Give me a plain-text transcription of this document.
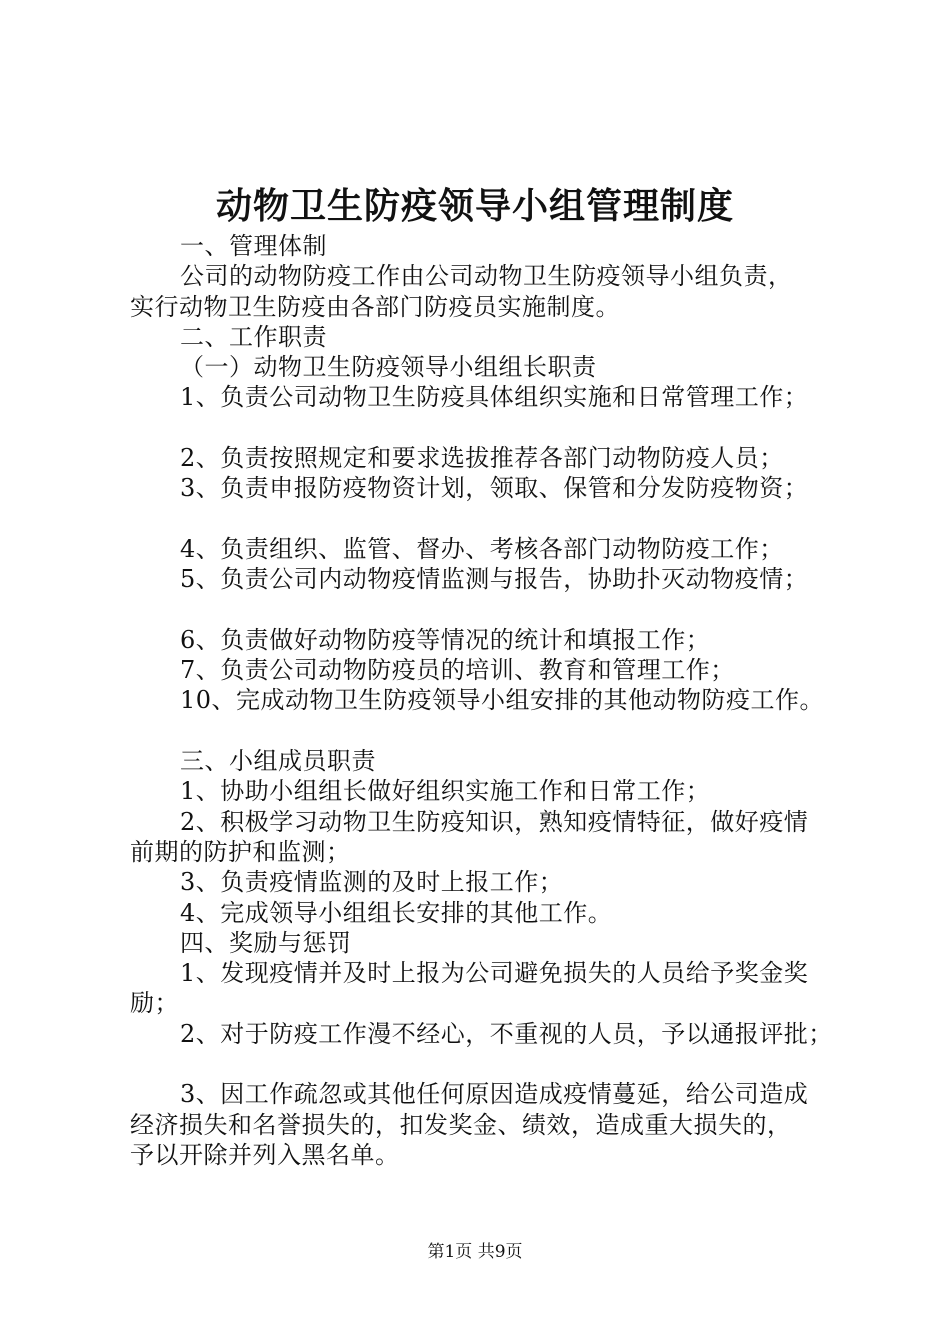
动物卫生防疫领导小组管理制度
一、管理体制
公司的动物防疫工作由公司动物卫生防疫领导小组负责，
实行动物卫生防疫由各部门防疫员实施制度。
二、工作职责
（一）动物卫生防疫领导小组组长职责
1、负责公司动物卫生防疫具体组织实施和日常管理工作；
2、负责按照规定和要求选拔推荐各部门动物防疫人员；
3、负责申报防疫物资计划，领取、保管和分发防疫物资；
4、负责组织、监管、督办、考核各部门动物防疫工作；
5、负责公司内动物疫情监测与报告，协助扑灭动物疫情；
6、负责做好动物防疫等情况的统计和填报工作；
7、负责公司动物防疫员的培训、教育和管理工作；
10、完成动物卫生防疫领导小组安排的其他动物防疫工作。
三、小组成员职责
1、协助小组组长做好组织实施工作和日常工作；
2、积极学习动物卫生防疫知识，熟知疫情特征，做好疫情
前期的防护和监测；
3、负责疫情监测的及时上报工作；
4、完成领导小组组长安排的其他工作。
四、奖励与惩罚
1、发现疫情并及时上报为公司避免损失的人员给予奖金奖
励；
2、对于防疫工作漫不经心，不重视的人员，予以通报评批；
3、因工作疏忽或其他任何原因造成疫情蔓延，给公司造成
经济损失和名誉损失的，扣发奖金、绩效，造成重大损失的，
予以开除并列入黑名单。
第1页 共9页
